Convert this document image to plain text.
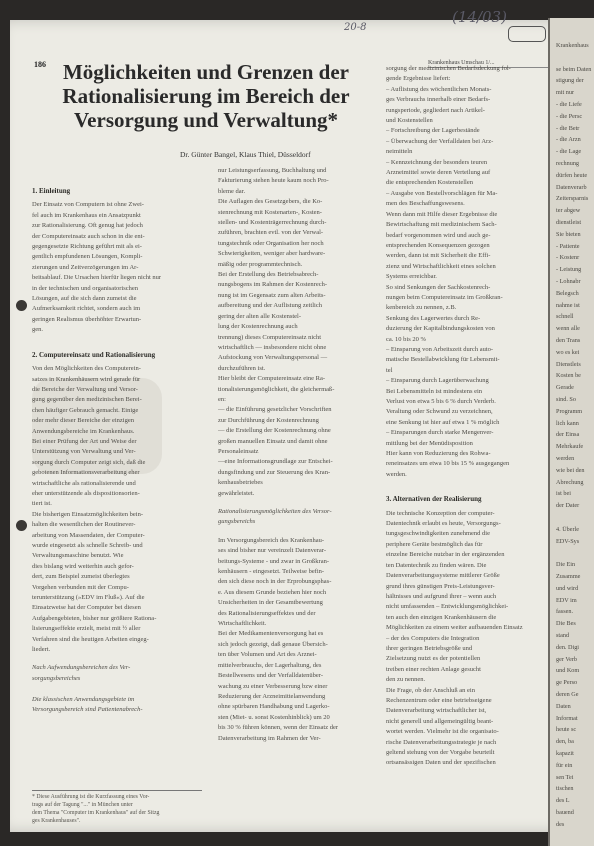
186	Krankenhaus Umschau 1/...
Krankenhaus
se beim Daten
stigung der
mit nur
- die Liefe
- die Persc
- die Betr
- die Arzn
- die Lage
rechnung
dürfen heute
Datenverarb
Zeitersparnis
ter abgew
dienstleist
Sie bieten
- Patiente
- Kostenr
- Leistung
- Lohnabr
Belegsch
nahme ist
schnell
wenn alle
den Trans
wo es kei
Dienstleis
Kosten be
Gerade
sind. So
Programm
lich kann
der Einsa
Mehrkaufe
werden
wie bei den
Abrechung
ist bei
der Dater
4. Überle
EDV-Sys
Die Ein
Zusamme
und wird
EDV im
fassen.
Die Bes
stand
den. Digi
ger Verb
und Kom
ge Perso
deren Ge
Daten
Informat
heute sc
den, ba
kapazit
für ein
sen Tei
tischen
des L
bauend
des
20-8
(14/03)
Möglichkeiten und Grenzen der
Rationalisierung im Bereich der
Versorgung und Verwaltung*
Dr. Günter Bangel, Klaus Thiel, Düsseldorf
1. Einleitung
Der Einsatz von Computern ist ohne Zwei-
fel auch im Krankenhaus ein Ansatzpunkt
zur Rationalisierung. Oft genug hat jedoch
der Computereinsatz auch schon in die ent-
gegengesetzte Richtung geführt mit als ei-
gentlich empfundenen Lösungen, Kompli-
zierungen und Zeitverzögerungen im Ar-
beitsablauf. Die Ursachen hierfür liegen nicht nur
in der technischen und organisatorischen
Lösungen, auf die sich dann zumeist die
Aufmerksamkeit richtet, sondern auch im
geringen Realismus überhöhter Erwartun-
gen.
2. Computereinsatz und Rationalisierung
Von den Möglichkeiten des Computerein-
satzes in Krankenhäusern wird gerade für
die Bereiche der Verwaltung und Versor-
gung gegenüber den medizinischen Berei-
chen häufiger Gebrauch gemacht. Einige
oder mehr dieser Bereiche der einzigen
Anwendungsbereiche im Krankenhaus.
Bei einer Prüfung der Art und Weise der
Unterstützung von Verwaltung und Ver-
sorgung durch Computer zeigt sich, daß die
gebotenen Informationsverarbeitung eher
wirtschaftliche als rationalisierende und
eher unterstützende als dispositionsorien-
tiert ist.
Die bisherigen Einsatzmöglichkeiten bein-
halten die wesentlichen der Routinever-
arbeitung von Massendaten, der Computer-
wurde eingesetzt als schnelle Schreib- und
Verwaltungsmaschine benutzt. Wie
dies bislang wird weiterhin auch gefor-
dert, zum Beispiel zumeist überlegtes
Vorgehen verbunden mit der Compu-
terunterstützung (»EDV im Fluß«). Auf die
Einsatzweise hat der Computer bei diesen
Aufgabengebieten, bisher nur größtere Rationa-
lisierungseffekte erzielt, meist mit ½ aller
Verfahren sind die heutigen Arbeiten eingeg-
liedert.
Nach Aufwendungsbereichen des Ver-
sorgungsbereiches

Die klassischen Anwendungsgebiete im
Versorgungsbereich sind Patientenabrech-
nur Leistungserfassung, Buchhaltung und
Fakturierung stehen heute kaum noch Pro-
bleme dar.
Die Auflagen des Gesetzgebers, die Ko-
stenrechnung mit Kostenarten-, Kosten-
stellen- und Kostenträgerrechnung durch-
zuführen, brachten evtl. von der Verwal-
tungstechnik oder Organisation her noch
Schwierigkeiten, weniger aber hardware-
mäßig oder programmtechnisch.
Bei der Erstellung des Betriebsabrech-
nungsbogens im Rahmen der Kostenrech-
nung ist im Gegensatz zum alten Arbeits-
aufbereitung und der Auflistung zeitlich
gering der alten alle Kostenstel-
lung der Kostenrechnung auch
trennung) dieses Computereinsatz nicht
wirtschaftlich — insbesondere nicht ohne
Aufstockung von Verwaltungspersonal —
durchzuführen ist.
Hier bleibt der Computereinsatz eine Ra-
tionalisierungsmöglichkeit, die gleichermaß-
en:
— die Einführung gesetzlicher Vorschriften
zur Durchführung der Kostenrechnung
— die Erstellung der Kostenrechnung ohne
großen manuellen Einsatz und damit ohne
Personaleinsatz
—eine Informationsgrundlage zur Entschei-
dungsfindung und zur Steuerung des Kran-
kenhausbetriebes
gewährleistet.
Rationalisierungsmöglichkeiten des Versor-
gungsbereichs
Im Versorgungsbereich des Krankenhau-
ses sind bisher nur vereinzelt Datenverar-
beitungs-Systeme - und zwar in Großkran-
kenhäusern - eingesetzt. Teilweise befin-
den sich diese noch in der Erprobungsphas-
e. Aus diesem Grunde beziehen hier noch
Unsicherheiten in der Gesamtbewertung
des Rationalisierungseffektes und der
Wirtschaftlichkeit.
Bei der Medikamentenversorgung hat es
sich jedoch gezeigt, daß genaue Übersich-
ten über Volumen und Art des Arznei-
mittelverbrauchs, der Lagerhaltung, des
Bestellwesens und der Verfalldatenüber-
wachung zu einer Verbesserung bzw einer
Reduzierung der Arzneimittelanwendung
ohne spürbaren Handhabung und Lagerko-
sten (Miet- u. sonst Kostenhinblick) um 20
bis 30 % führen können, wenn der Einsatz der
Datenverarbeitung im Rahmen der Ver-
sorgung der medizinischen Bedarfsdeckung fol-
gende Ergebnisse liefert:
– Auflistung des wöchentlichen Monats-
ges Verbrauchs innerhalb einer Bedarfs-
rungsperiode, gegliedert nach Artikel-
und Kostenstellen
– Fortschreibung der Lagerbestände
– Überwachung der Verfalldaten bei Arz-
neimitteln
– Kennzeichnung der besonders teuren
Arzneimittel sowie deren Verteilung auf
die entsprechenden Kostenstellen
– Ausgabe von Bestellvorschlägen für Ma-
men des Beschaffungswesens.
Wenn dann mit Hilfe dieser Ergebnisse die
Bewirtschaftung mit medizinischem Sach-
bedarf vorgenommen wird und auch ge-
entsprechenden Konsequenzen gezogen
werden, dann ist mit Sicherheit die Effi-
zienz und Wirtschaftlichkeit eines solchen
Systems erreichbar.
So sind Senkungen der Sachkostenrech-
nungen beim Computereinsatz im Großkran-
kenbereich zu nennen, z.B.
Senkung des Lagerwertes durch Re-
duzierung der Kapitalbindungskosten von
ca. 10 bis 20 %
– Einsparung von Arbeitszeit durch auto-
matische Bestellabwicklung für Lebensmit-
tel
– Einsparung durch Lagerüberwachung
Bei Lebensmitteln ist mindestens ein
Verlust von etwa 5 bis 6 % durch Verderb.
Veraltung oder Schwund zu verzeichnen,
eine Senkung ist hier auf etwa 1 % möglich
– Einsparungen durch starke Mengenver-
mittlung bei der Menüdisposition
Hier kann von Reduzierung des Rohwa-
reneinsatzes um etwa 10 bis 15 % ausgegangen
werden.
3. Alternativen der Realisierung
Die technische Konzeption der computer-
Datentechnik erlaubt es heute, Versorgungs-
tungsgeschwindigkeiten zunehmend die
periphere Geräte bestmöglich das für
einzelne Bereiche nutzbar in der ergänzenden
ten Datentechnik zu finden wären. Die
Datenverarbeitungssysteme mittlerer Größe
grund ihres günstigen Preis-Leistungsver-
hältnisses und aufgrund ihrer – wenn auch
nicht umfassenden – Entwicklungsmöglichkei-
ten auch den einzigen Krankenhäusern die
Möglichkeiten zu einem weiter aufbauenden Einsatz
– der des Computers die Integration
ihrer geringen Betriebsgröße und
Zielsetzung nutzt es der potentiellen
treiben einer rechten Anlage gesucht
den zu nennen.
Die Frage, ob der Anschluß an ein
Rechenzentrum oder eine betriebseigene
Datenverarbeitung wirtschaftlicher ist,
nicht generell und allgemeingültig beant-
wortet werden. Vielmehr ist die organisato-
rische Datenverarbeitungsstrategie je nach
geltend stehung von der Vorgabe beurteilt
ortsansässigen Daten und der spezifischen
* Diese Ausführung ist die Kurzfassung eines Vor-
trags auf der Tagung "..." in München unter
dem Thema "Computer im Krankenhaus" auf der Sitzg
ges Krankenhauses".
